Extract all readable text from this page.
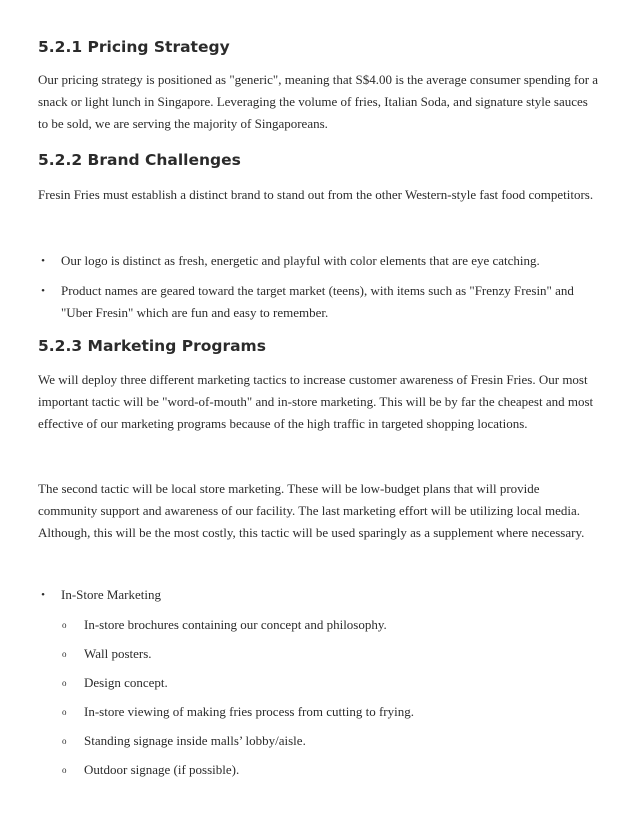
5.2.1 Pricing Strategy

Our pricing strategy is positioned as "generic", meaning that S$4.00 is the average consumer spending for a snack or light lunch in Singapore. Leveraging the volume of fries, Italian Soda, and signature style sauces to be sold, we are serving the majority of Singaporeans.

5.2.2 Brand Challenges

Fresin Fries must establish a distinct brand to stand out from the other Western-style fast food competitors.

• Our logo is distinct as fresh, energetic and playful with color elements that are eye catching.
• Product names are geared toward the target market (teens), with items such as "Frenzy Fresin" and "Uber Fresin" which are fun and easy to remember.
5.2.3 Marketing Programs

We will deploy three different marketing tactics to increase customer awareness of Fresin Fries. Our most important tactic will be "word-of-mouth" and in-store marketing. This will be by far the cheapest and most effective of our marketing programs because of the high traffic in targeted shopping locations.

The second tactic will be local store marketing. These will be low-budget plans that will provide community support and awareness of our facility. The last marketing effort will be utilizing local media. Although, this will be the most costly, this tactic will be used sparingly as a supplement where necessary.

• In-Store Marketing
o In-store brochures containing our concept and philosophy.
o Wall posters.
o Design concept.
o In-store viewing of making fries process from cutting to frying.
o Standing signage inside malls’ lobby/aisle.
o Outdoor signage (if possible).
